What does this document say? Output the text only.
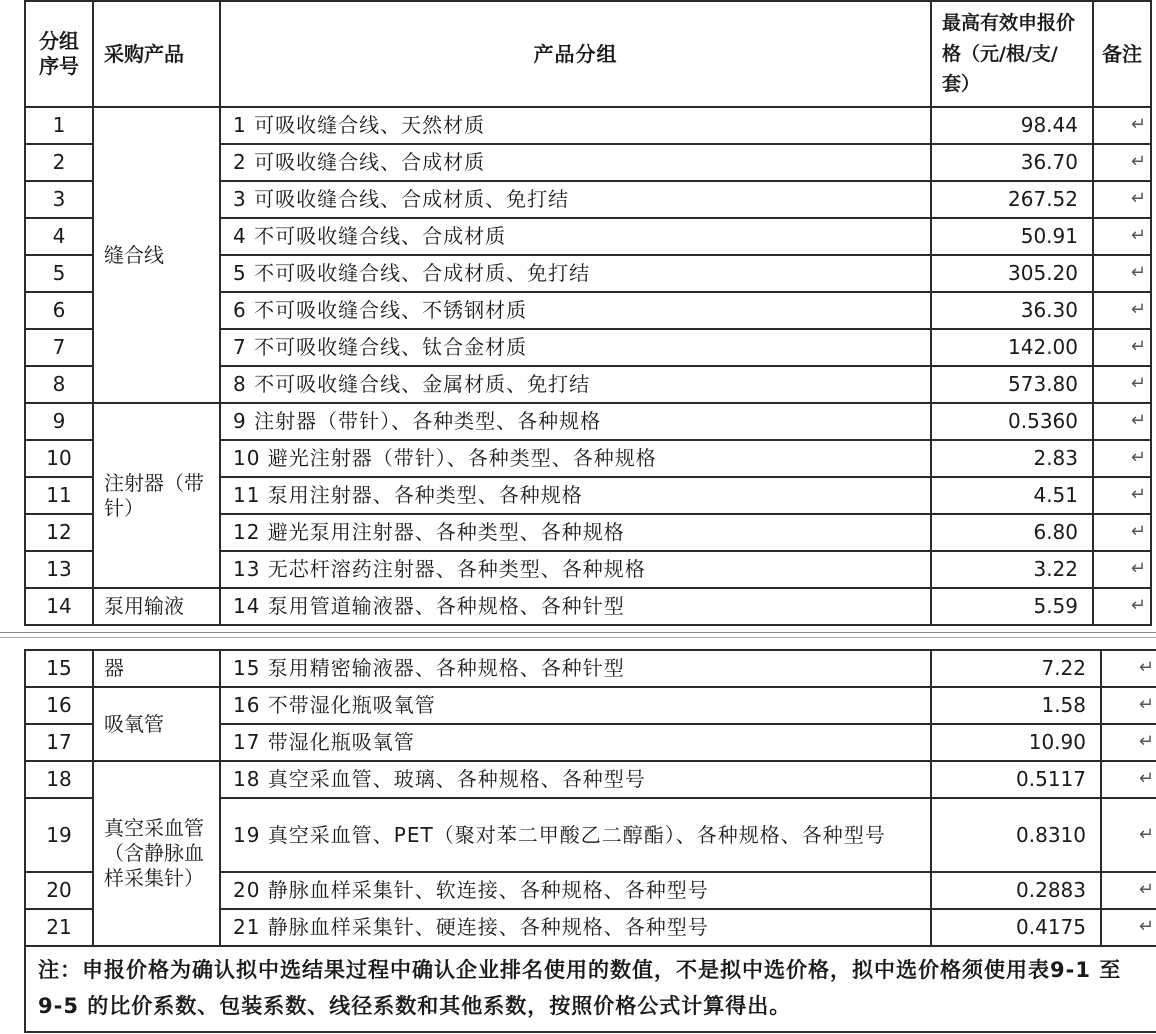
分组序号	采购产品	产品分组	最高有效申报价格（元/根/支/套）	备注
1	缝合线	1 可吸收缝合线、天然材质	98.44	↵
2		2 可吸收缝合线、合成材质	36.70	↵
3		3 可吸收缝合线、合成材质、免打结	267.52	↵
4		4 不可吸收缝合线、合成材质	50.91	↵
5		5 不可吸收缝合线、合成材质、免打结	305.20	↵
6		6 不可吸收缝合线、不锈钢材质	36.30	↵
7		7 不可吸收缝合线、钛合金材质	142.00	↵
8		8 不可吸收缝合线、金属材质、免打结	573.80	↵
9	注射器（带针）	9 注射器（带针）、各种类型、各种规格	0.5360	↵
10		10 避光注射器（带针）、各种类型、各种规格	2.83	↵
11		11 泵用注射器、各种类型、各种规格	4.51	↵
12		12 避光泵用注射器、各种类型、各种规格	6.80	↵
13		13 无芯杆溶药注射器、各种类型、各种规格	3.22	↵
14	泵用输液	14 泵用管道输液器、各种规格、各种针型	5.59	↵
15	器	15 泵用精密输液器、各种规格、各种针型	7.22	↵
16	吸氧管	16 不带湿化瓶吸氧管	1.58	↵
17		17 带湿化瓶吸氧管	10.90	↵
18	真空采血管（含静脉血样采集针）	18 真空采血管、玻璃、各种规格、各种型号	0.5117	↵
19		19 真空采血管、PET（聚对苯二甲酸乙二醇酯）、各种规格、各种型号	0.8310	↵
20		20 静脉血样采集针、软连接、各种规格、各种型号	0.2883	↵
21		21 静脉血样采集针、硬连接、各种规格、各种型号	0.4175	↵
注：申报价格为确认拟中选结果过程中确认企业排名使用的数值，不是拟中选价格，拟中选价格须使用表9-1 至 9-5 的比价系数、包装系数、线径系数和其他系数，按照价格公式计算得出。				
